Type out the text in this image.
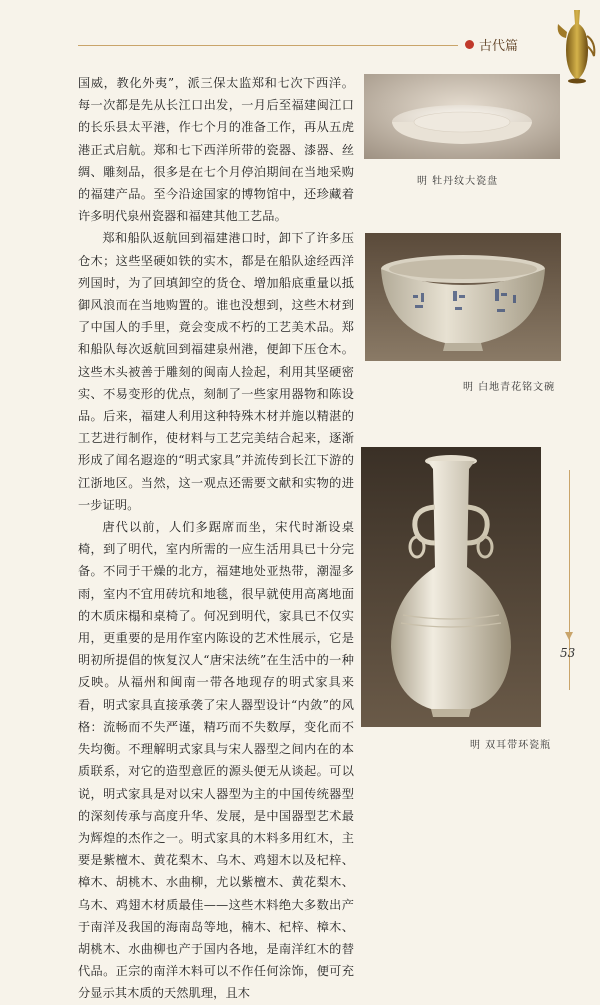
古代篇

国威，教化外夷”，派三保太监郑和七次下西洋。每一次都是先从长江口出发，一月后至福建闽江口的长乐县太平港，作七个月的准备工作，再从五虎港正式启航。郑和七下西洋所带的瓷器、漆器、丝绸、雕刻品，很多是在七个月停泊期间在当地采购的福建产品。至今沿途国家的博物馆中，还珍藏着许多明代泉州瓷器和福建其他工艺品。

郑和船队返航回到福建港口时，卸下了许多压仓木；这些坚硬如铁的实木，都是在船队途经西洋列国时，为了回填卸空的货仓、增加船底重量以抵御风浪而在当地购置的。谁也没想到，这些木材到了中国人的手里，竟会变成不朽的工艺美术品。郑和船队每次返航回到福建泉州港，便卸下压仓木。这些木头被善于雕刻的闽南人捡起，利用其坚硬密实、不易变形的优点，刻制了一些家用器物和陈设品。后来，福建人利用这种特殊木材并施以精湛的工艺进行制作，使材料与工艺完美结合起来，逐渐形成了闻名遐迩的“明式家具”并流传到长江下游的江浙地区。当然，这一观点还需要文献和实物的进一步证明。

唐代以前，人们多踞席而坐，宋代时渐设桌椅，到了明代，室内所需的一应生活用具已十分完备。不同于干燥的北方，福建地处亚热带，潮湿多雨，室内不宜用砖坑和地毯，很早就使用高离地面的木质床榻和桌椅了。何况到明代，家具已不仅实用，更重要的是用作室内陈设的艺术性展示，它是明初所提倡的恢复汉人“唐宋法统”在生活中的一种反映。从福州和闽南一带各地现存的明式家具来看，明式家具直接承袭了宋人器型设计“内敛”的风格：流畅而不失严谨，精巧而不失数厚，变化而不失均衡。不理解明式家具与宋人器型之间内在的本质联系，对它的造型意匠的源头便无从谈起。可以说，明式家具是对以宋人器型为主的中国传统器型的深刻传承与高度升华、发展，是中国器型艺术最为辉煌的杰作之一。明式家具的木料多用红木，主要是紫檀木、黄花梨木、乌木、鸡翅木以及杞梓、樟木、胡桃木、水曲柳，尤以紫檀木、黄花梨木、乌木、鸡翅木材质最佳——这些木料绝大多数出产于南洋及我国的海南岛等地，楠木、杞梓、樟木、胡桃木、水曲柳也产于国内各地，是南洋红木的替代品。正宗的南洋木料可以不作任何涂饰，便可充分显示其木质的天然肌理，且木

明 牡丹纹大瓷盘
明 白地青花铭文碗
明 双耳带环瓷瓶
53
